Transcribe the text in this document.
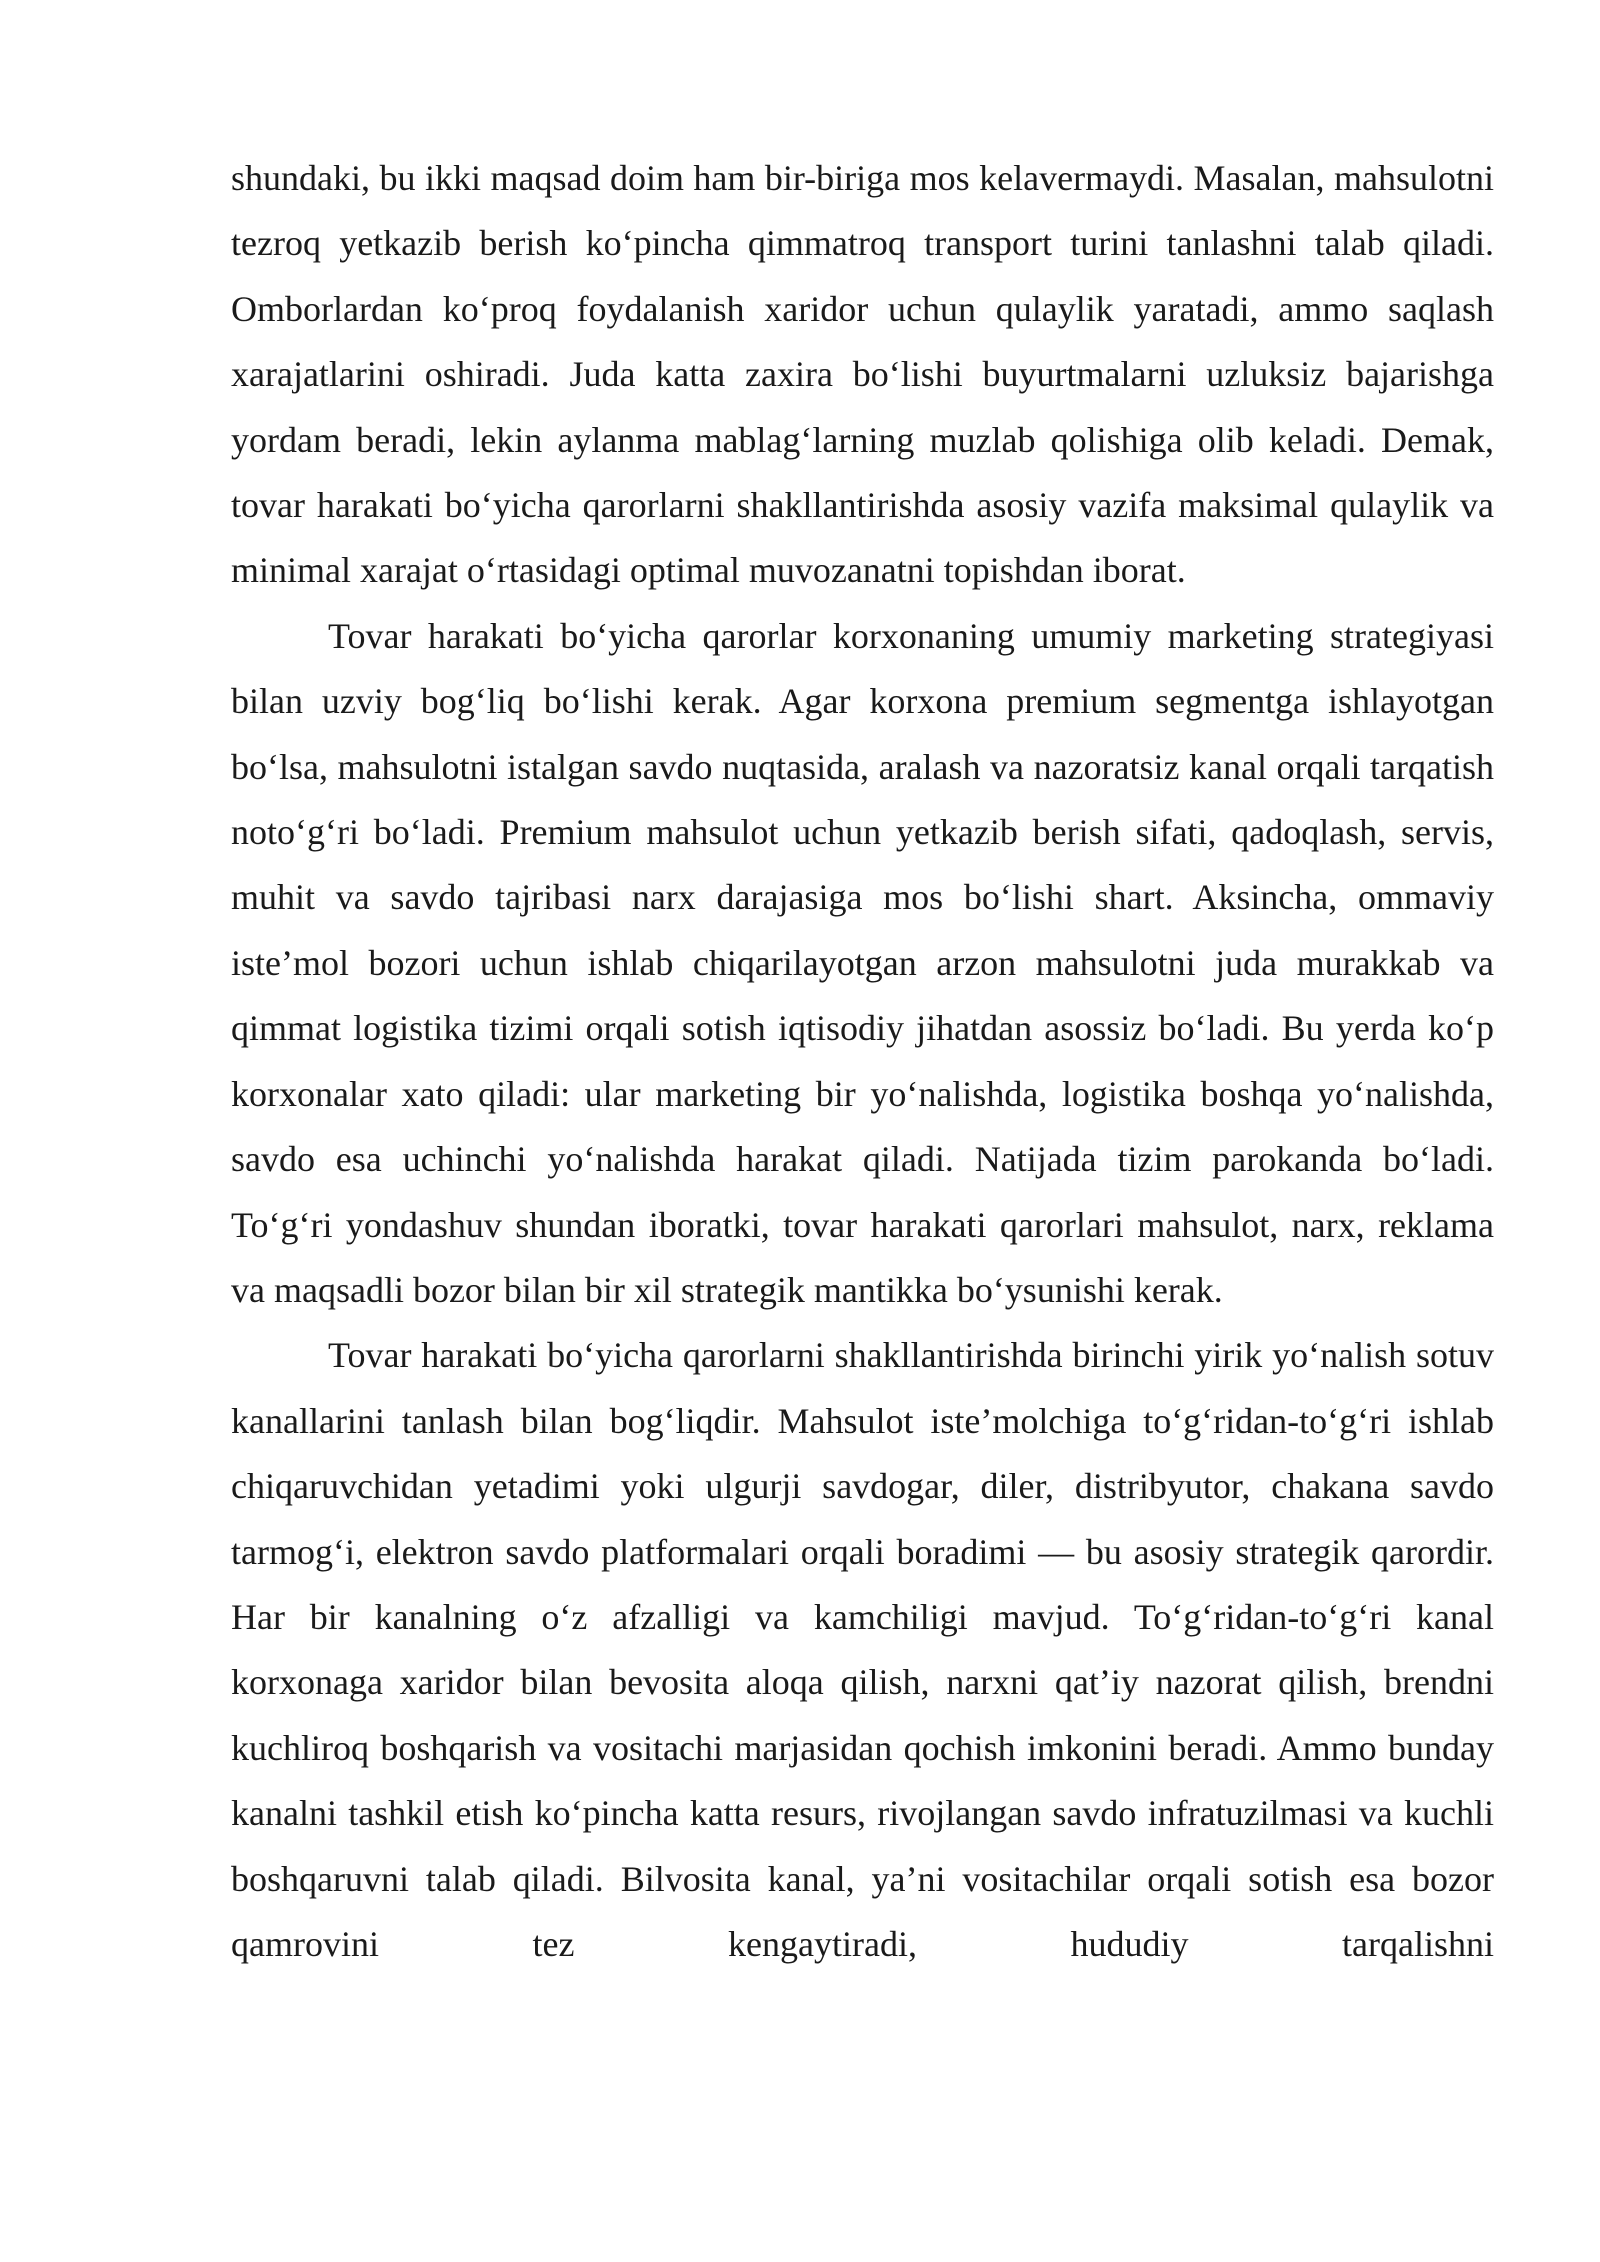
shundaki, bu ikki maqsad doim ham bir-biriga mos kelavermaydi. Masalan, mahsulotni tezroq yetkazib berish ko‘pincha qimmatroq transport turini tanlashni talab qiladi. Omborlardan ko‘proq foydalanish xaridor uchun qulaylik yaratadi, ammo saqlash xarajatlarini oshiradi. Juda katta zaxira bo‘lishi buyurtmalarni uzluksiz bajarishga yordam beradi, lekin aylanma mablag‘larning muzlab qolishiga olib keladi. Demak, tovar harakati bo‘yicha qarorlarni shakllantirishda asosiy vazifa maksimal qulaylik va minimal xarajat o‘rtasidagi optimal muvozanatni topishdan iborat.

Tovar harakati bo‘yicha qarorlar korxonaning umumiy marketing strategiyasi bilan uzviy bog‘liq bo‘lishi kerak. Agar korxona premium segmentga ishlayotgan bo‘lsa, mahsulotni istalgan savdo nuqtasida, aralash va nazoratsiz kanal orqali tarqatish noto‘g‘ri bo‘ladi. Premium mahsulot uchun yetkazib berish sifati, qadoqlash, servis, muhit va savdo tajribasi narx darajasiga mos bo‘lishi shart. Aksincha, ommaviy iste’mol bozori uchun ishlab chiqarilayotgan arzon mahsulotni juda murakkab va qimmat logistika tizimi orqali sotish iqtisodiy jihatdan asossiz bo‘ladi. Bu yerda ko‘p korxonalar xato qiladi: ular marketing bir yo‘nalishda, logistika boshqa yo‘nalishda, savdo esa uchinchi yo‘nalishda harakat qiladi. Natijada tizim parokanda bo‘ladi. To‘g‘ri yondashuv shundan iboratki, tovar harakati qarorlari mahsulot, narx, reklama va maqsadli bozor bilan bir xil strategik mantikka bo‘ysunishi kerak.

Tovar harakati bo‘yicha qarorlarni shakllantirishda birinchi yirik yo‘nalish sotuv kanallarini tanlash bilan bog‘liqdir. Mahsulot iste’molchiga to‘g‘ridan-to‘g‘ri ishlab chiqaruvchidan yetadimi yoki ulgurji savdogar, diler, distribyutor, chakana savdo tarmog‘i, elektron savdo platformalari orqali boradimi — bu asosiy strategik qarordir. Har bir kanalning o‘z afzalligi va kamchiligi mavjud. To‘g‘ridan-to‘g‘ri kanal korxonaga xaridor bilan bevosita aloqa qilish, narxni qat’iy nazorat qilish, brendni kuchliroq boshqarish va vositachi marjasidan qochish imkonini beradi. Ammo bunday kanalni tashkil etish ko‘pincha katta resurs, rivojlangan savdo infratuzilmasi va kuchli boshqaruvni talab qiladi. Bilvosita kanal, ya’ni vositachilar orqali sotish esa bozor qamrovini tez kengaytiradi, hududiy tarqalishni
